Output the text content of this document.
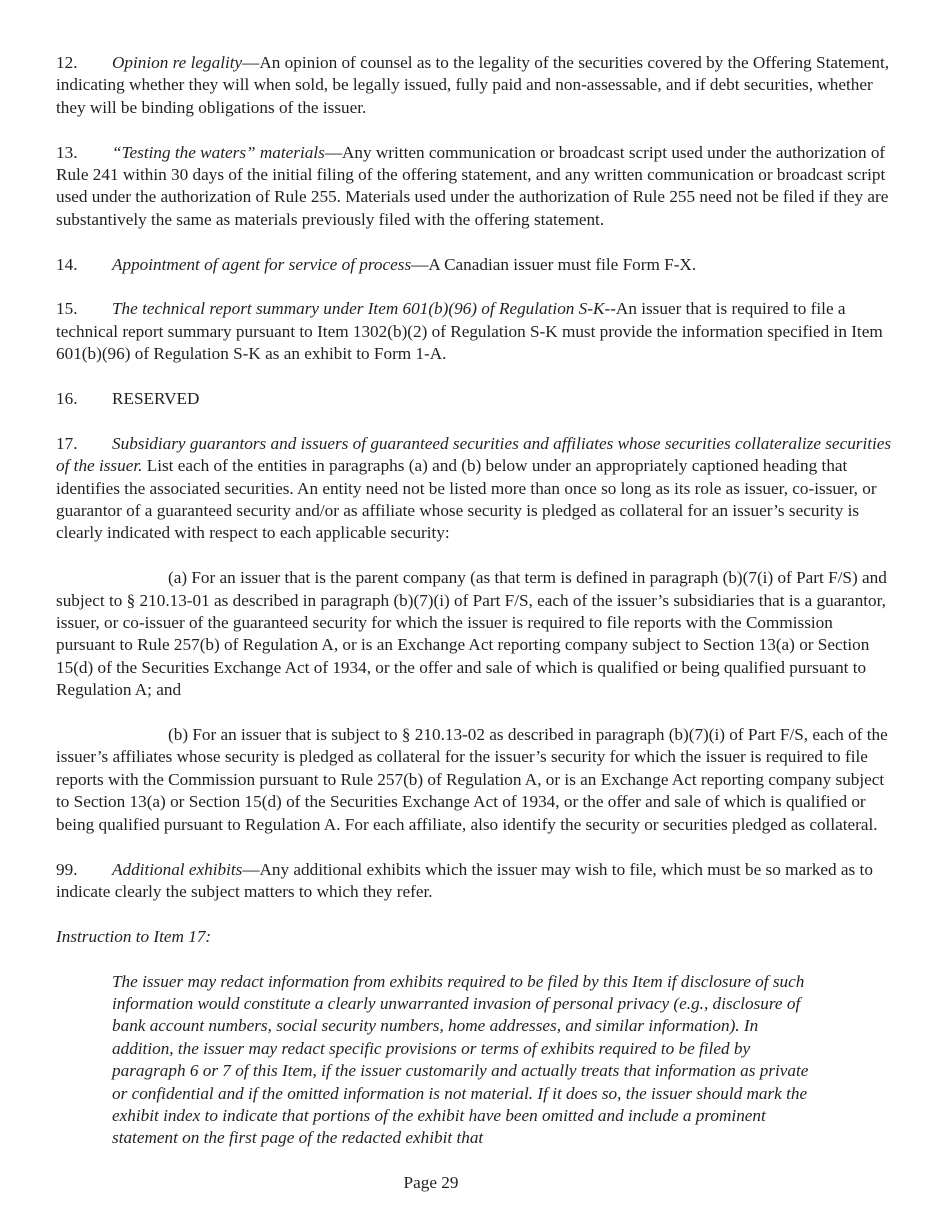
12. Opinion re legality—An opinion of counsel as to the legality of the securities covered by the Offering Statement, indicating whether they will when sold, be legally issued, fully paid and non-assessable, and if debt securities, whether they will be binding obligations of the issuer.

13. “Testing the waters” materials—Any written communication or broadcast script used under the authorization of Rule 241 within 30 days of the initial filing of the offering statement, and any written communication or broadcast script used under the authorization of Rule 255. Materials used under the authorization of Rule 255 need not be filed if they are substantively the same as materials previously filed with the offering statement.

14. Appointment of agent for service of process—A Canadian issuer must file Form F-X.

15. The technical report summary under Item 601(b)(96) of Regulation S-K--An issuer that is required to file a technical report summary pursuant to Item 1302(b)(2) of Regulation S-K must provide the information specified in Item 601(b)(96) of Regulation S-K as an exhibit to Form 1-A.

16. RESERVED

17. Subsidiary guarantors and issuers of guaranteed securities and affiliates whose securities collateralize securities of the issuer. List each of the entities in paragraphs (a) and (b) below under an appropriately captioned heading that identifies the associated securities. An entity need not be listed more than once so long as its role as issuer, co-issuer, or guarantor of a guaranteed security and/or as affiliate whose security is pledged as collateral for an issuer’s security is clearly indicated with respect to each applicable security:

(a) For an issuer that is the parent company (as that term is defined in paragraph (b)(7(i) of Part F/S) and subject to § 210.13-01 as described in paragraph (b)(7)(i) of Part F/S, each of the issuer’s subsidiaries that is a guarantor, issuer, or co-issuer of the guaranteed security for which the issuer is required to file reports with the Commission pursuant to Rule 257(b) of Regulation A, or is an Exchange Act reporting company subject to Section 13(a) or Section 15(d) of the Securities Exchange Act of 1934, or the offer and sale of which is qualified or being qualified pursuant to Regulation A; and

(b) For an issuer that is subject to § 210.13-02 as described in paragraph (b)(7)(i) of Part F/S, each of the issuer’s affiliates whose security is pledged as collateral for the issuer’s security for which the issuer is required to file reports with the Commission pursuant to Rule 257(b) of Regulation A, or is an Exchange Act reporting company subject to Section 13(a) or Section 15(d) of the Securities Exchange Act of 1934, or the offer and sale of which is qualified or being qualified pursuant to Regulation A. For each affiliate, also identify the security or securities pledged as collateral.

99. Additional exhibits—Any additional exhibits which the issuer may wish to file, which must be so marked as to indicate clearly the subject matters to which they refer.

Instruction to Item 17:

The issuer may redact information from exhibits required to be filed by this Item if disclosure of such information would constitute a clearly unwarranted invasion of personal privacy (e.g., disclosure of bank account numbers, social security numbers, home addresses, and similar information). In addition, the issuer may redact specific provisions or terms of exhibits required to be filed by paragraph 6 or 7 of this Item, if the issuer customarily and actually treats that information as private or confidential and if the omitted information is not material. If it does so, the issuer should mark the exhibit index to indicate that portions of the exhibit have been omitted and include a prominent statement on the first page of the redacted exhibit that

Page 29
